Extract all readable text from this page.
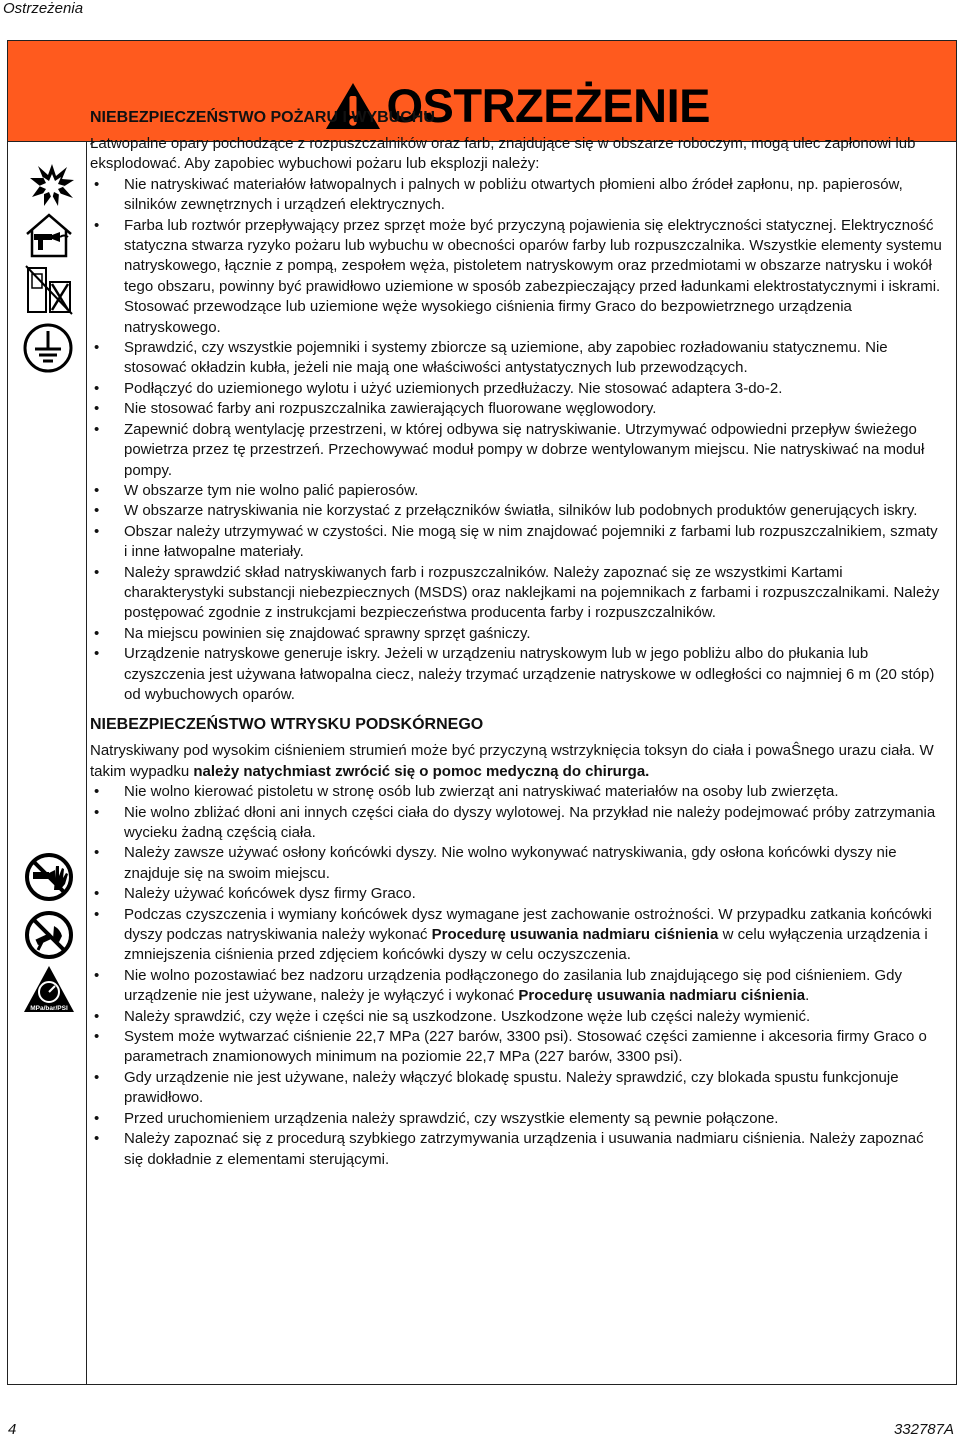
Ostrzeżenia
OSTRZEŻENIE
MPa/bar/PSI
NIEBEZPIECZEŃSTWO POŻARU I WYBUCHU

Łatwopalne opary pochodzące z rozpuszczalników oraz farb, znajdujące się w obszarze roboczym, mogą ulec zapłonowi lub eksplodować. Aby zapobiec wybuchowi pożaru lub eksplozji należy:

• Nie natryskiwać materiałów łatwopalnych i palnych w pobliżu otwartych płomieni albo źródeł zapłonu, np. papierosów, silników zewnętrznych i urządzeń elektrycznych.
• Farba lub roztwór przepływający przez sprzęt może być przyczyną pojawienia się elektryczności statycznej. Elektryczność statyczna stwarza ryzyko pożaru lub wybuchu w obecności oparów farby lub rozpuszczalnika. Wszystkie elementy systemu natryskowego, łącznie z pompą, zespołem węża, pistoletem natryskowym oraz przedmiotami w obszarze natrysku i wokół tego obszaru, powinny być prawidłowo uziemione w sposób zabezpieczający przed ładunkami elektrostatycznymi i iskrami. Stosować przewodzące lub uziemione węże wysokiego ciśnienia firmy Graco do bezpowietrznego urządzenia natryskowego.
• Sprawdzić, czy wszystkie pojemniki i systemy zbiorcze są uziemione, aby zapobiec rozładowaniu statycznemu. Nie stosować okładzin kubła, jeżeli nie mają one właściwości antystatycznych lub przewodzących.
• Podłączyć do uziemionego wylotu i użyć uziemionych przedłużaczy. Nie stosować adaptera 3-do-2.
• Nie stosować farby ani rozpuszczalnika zawierających fluorowane węglowodory.
• Zapewnić dobrą wentylację przestrzeni, w której odbywa się natryskiwanie. Utrzymywać odpowiedni przepływ świeżego powietrza przez tę przestrzeń. Przechowywać moduł pompy w dobrze wentylowanym miejscu. Nie natryskiwać na moduł pompy.
• W obszarze tym nie wolno palić papierosów.
• W obszarze natryskiwania nie korzystać z przełączników światła, silników lub podobnych produktów generujących iskry.
• Obszar należy utrzymywać w czystości. Nie mogą się w nim znajdować pojemniki z farbami lub rozpuszczalnikiem, szmaty i inne łatwopalne materiały.
• Należy sprawdzić skład natryskiwanych farb i rozpuszczalników. Należy zapoznać się ze wszystkimi Kartami charakterystyki substancji niebezpiecznych (MSDS) oraz naklejkami na pojemnikach z farbami i rozpuszczalnikami. Należy postępować zgodnie z instrukcjami bezpieczeństwa producenta farby i rozpuszczalników.
• Na miejscu powinien się znajdować sprawny sprzęt gaśniczy.
• Urządzenie natryskowe generuje iskry. Jeżeli w urządzeniu natryskowym lub w jego pobliżu albo do płukania lub czyszczenia jest używana łatwopalna ciecz, należy trzymać urządzenie natryskowe w odległości co najmniej 6 m (20 stóp) od wybuchowych oparów.
NIEBEZPIECZEŃSTWO WTRYSKU PODSKÓRNEGO

Natryskiwany pod wysokim ciśnieniem strumień może być przyczyną wstrzyknięcia toksyn do ciała i powaŜnego urazu ciała. W takim wypadku należy natychmiast zwrócić się o pomoc medyczną do chirurga.

• Nie wolno kierować pistoletu w stronę osób lub zwierząt ani natryskiwać materiałów na osoby lub zwierzęta.
• Nie wolno zbliżać dłoni ani innych części ciała do dyszy wylotowej. Na przykład nie należy podejmować próby zatrzymania wycieku żadną częścią ciała.
• Należy zawsze używać osłony końcówki dyszy. Nie wolno wykonywać natryskiwania, gdy osłona końcówki dyszy nie znajduje się na swoim miejscu.
• Należy używać końcówek dysz firmy Graco.
• Podczas czyszczenia i wymiany końcówek dysz wymagane jest zachowanie ostrożności. W przypadku zatkania końcówki dyszy podczas natryskiwania należy wykonać Procedurę usuwania nadmiaru ciśnienia w celu wyłączenia urządzenia i zmniejszenia ciśnienia przed zdjęciem końcówki dyszy w celu oczyszczenia.
• Nie wolno pozostawiać bez nadzoru urządzenia podłączonego do zasilania lub znajdującego się pod ciśnieniem. Gdy urządzenie nie jest używane, należy je wyłączyć i wykonać Procedurę usuwania nadmiaru ciśnienia.
• Należy sprawdzić, czy węże i części nie są uszkodzone. Uszkodzone węże lub części należy wymienić.
• System może wytwarzać ciśnienie 22,7 MPa (227 barów, 3300 psi). Stosować części zamienne i akcesoria firmy Graco o parametrach znamionowych minimum na poziomie 22,7 MPa (227 barów, 3300 psi).
• Gdy urządzenie nie jest używane, należy włączyć blokadę spustu. Należy sprawdzić, czy blokada spustu funkcjonuje prawidłowo.
• Przed uruchomieniem urządzenia należy sprawdzić, czy wszystkie elementy są pewnie połączone.
• Należy zapoznać się z procedurą szybkiego zatrzymywania urządzenia i usuwania nadmiaru ciśnienia. Należy zapoznać się dokładnie z elementami sterującymi.
4	332787A
